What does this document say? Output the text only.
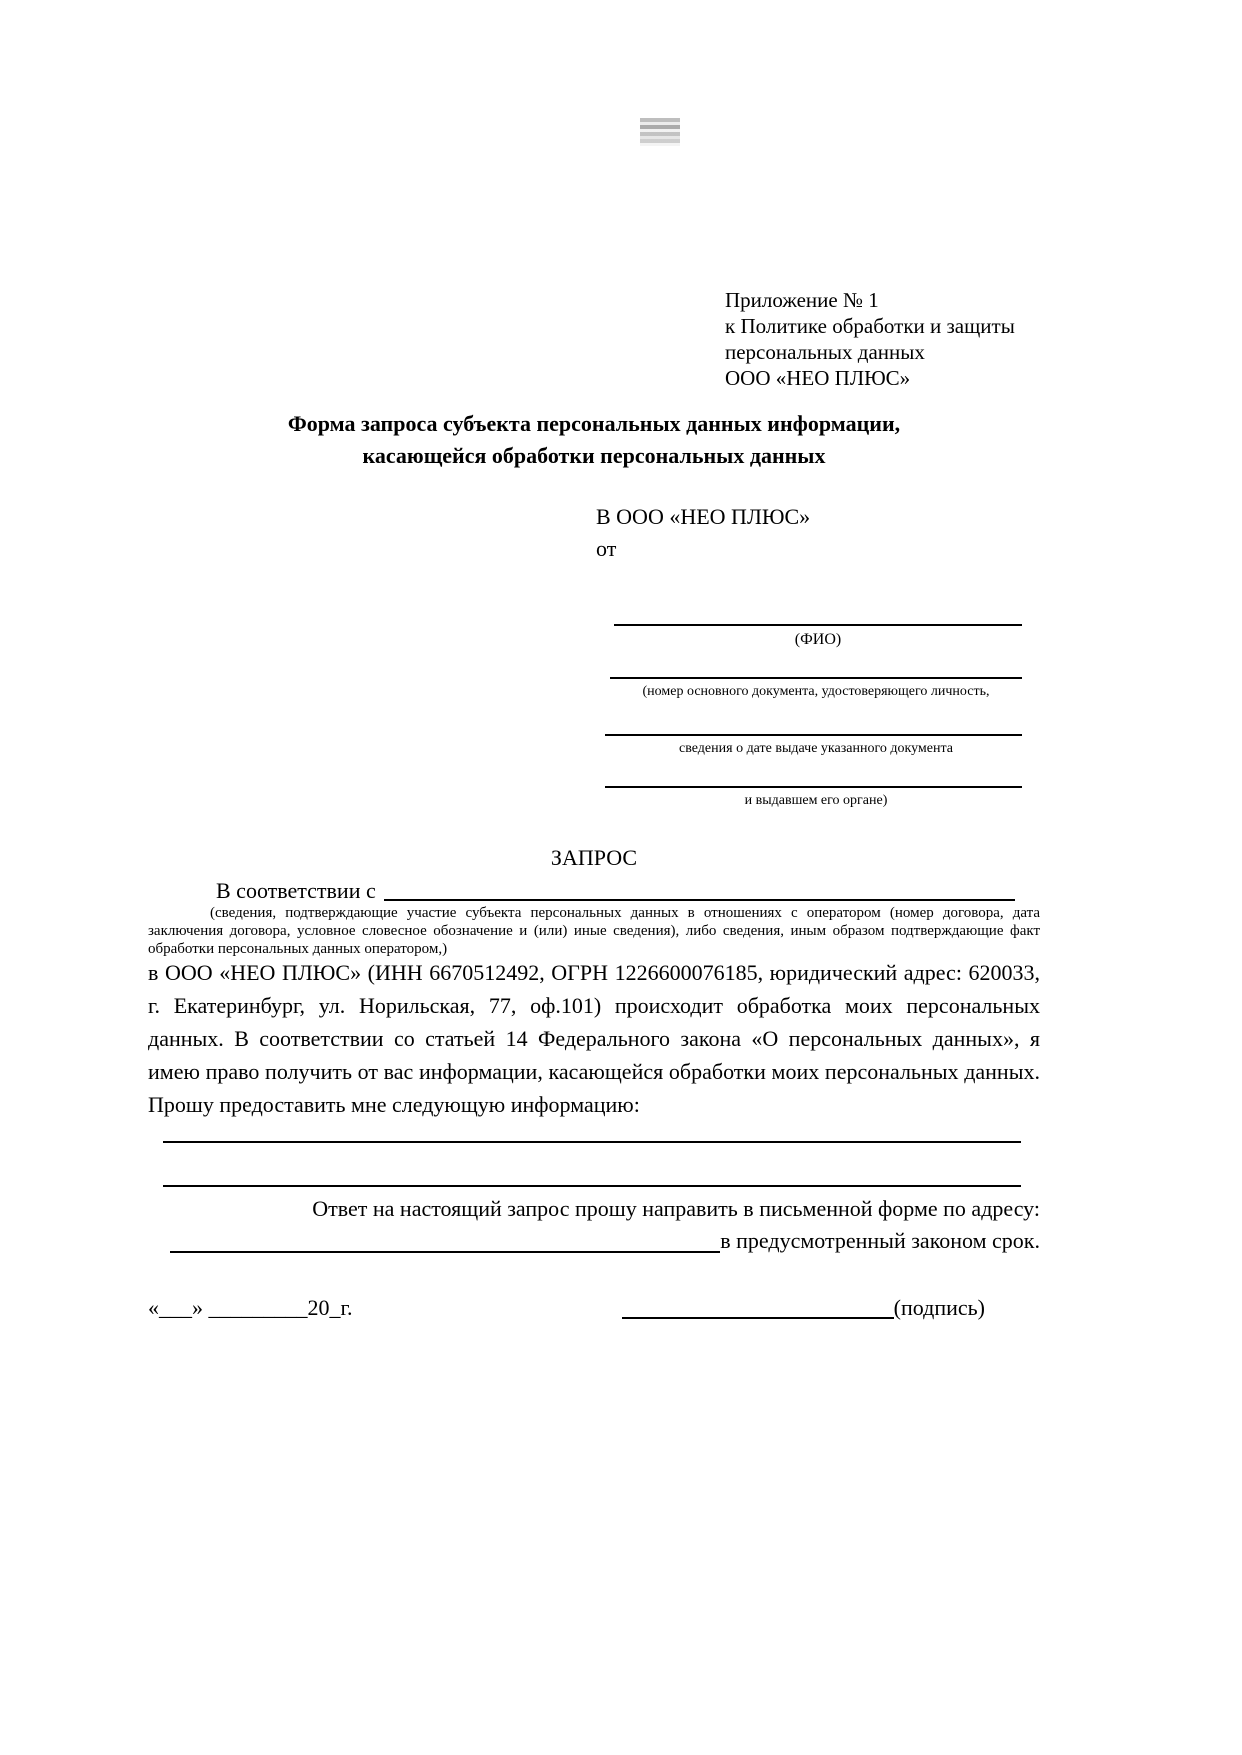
Приложение № 1
к Политике обработки и защиты
персональных данных
ООО «НЕО ПЛЮС»
Форма запроса субъекта персональных данных информации,
касающейся обработки персональных данных
В ООО «НЕО ПЛЮС»
от
(ФИО)
(номер основного документа, удостоверяющего личность,
сведения о дате выдаче указанного документа
и выдавшем его органе)
ЗАПРОС
В соответствии с
(сведения, подтверждающие участие субъекта персональных данных в отношениях с оператором (номер договора, дата заключения договора, условное словесное обозначение и (или) иные сведения), либо сведения, иным образом подтверждающие факт обработки персональных данных оператором,)
в ООО «НЕО ПЛЮС» (ИНН 6670512492, ОГРН 1226600076185, юридический адрес: 620033, г. Екатеринбург, ул. Норильская, 77, оф.101) происходит обработка моих персональных данных. В соответствии со статьей 14 Федерального закона «О персональных данных», я имею право получить от вас информации, касающейся обработки моих персональных данных. Прошу предоставить мне следующую информацию:
Ответ на настоящий запрос прошу направить в письменной форме по адресу:
в предусмотренный законом срок.
«___» _________20_г.	(подпись)
